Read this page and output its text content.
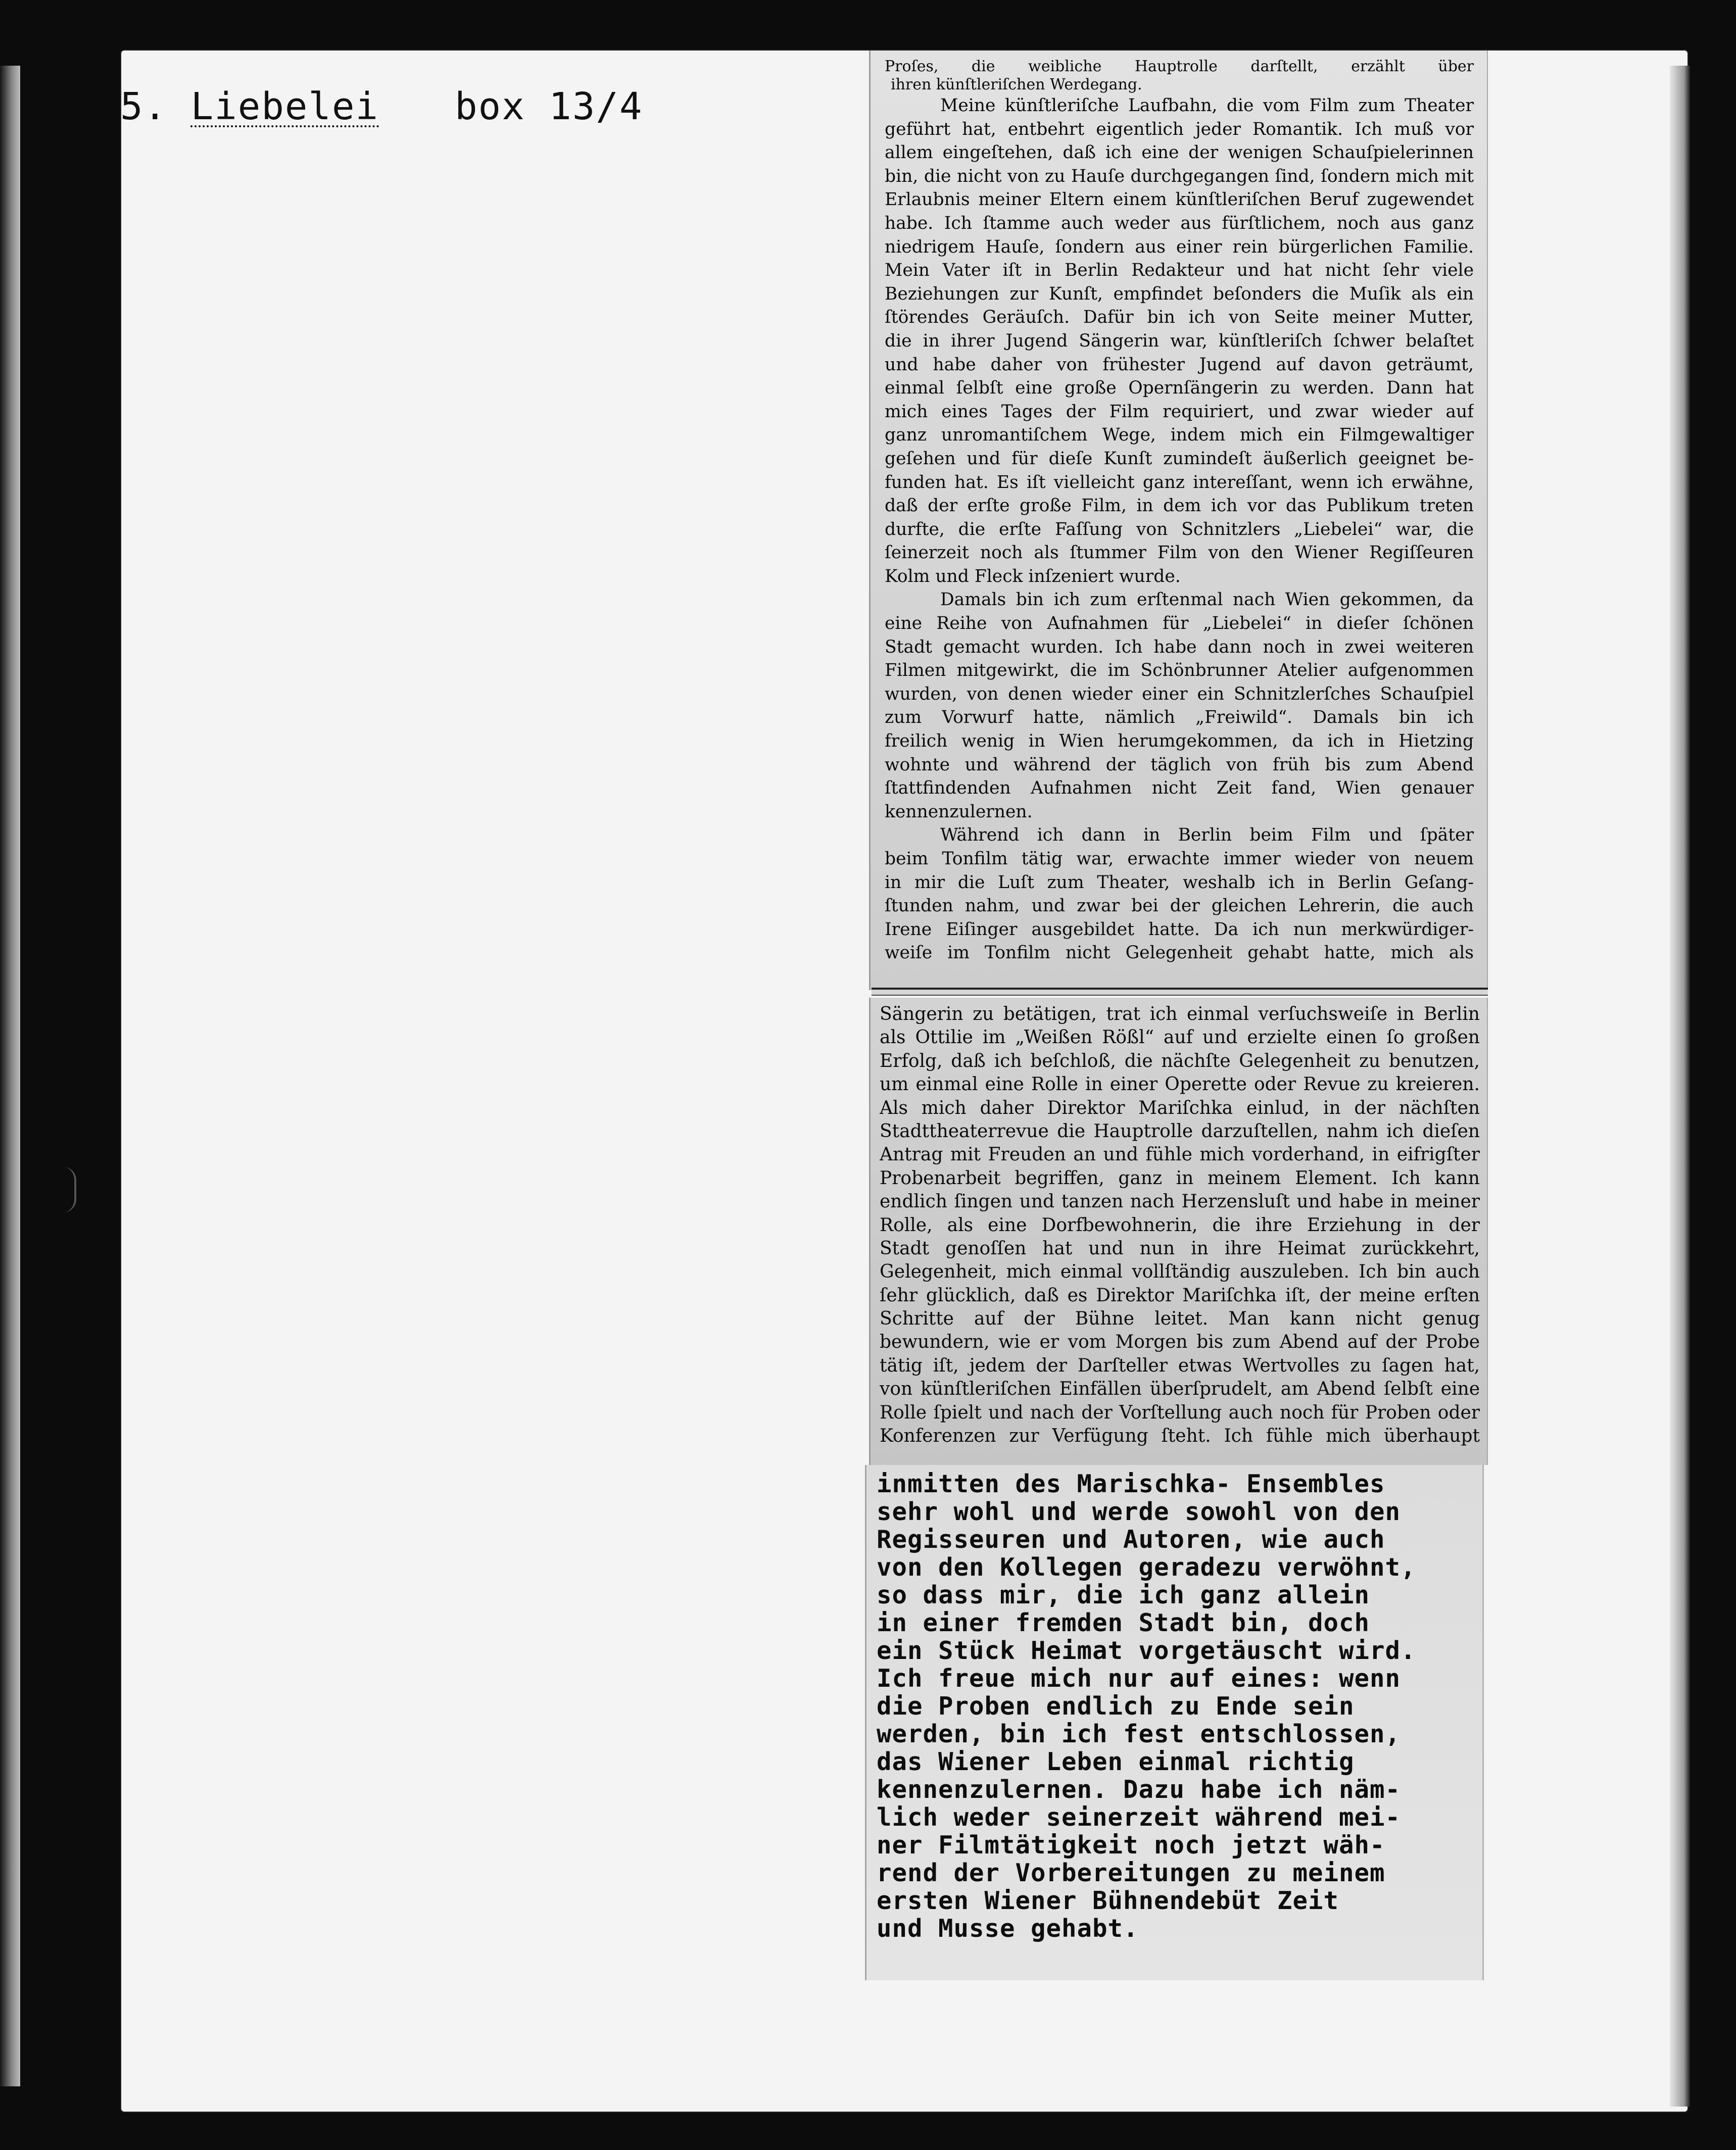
5. Liebelei box 13/4
Proſes, die weibliche Hauptrolle darſtellt, erzählt über
ihren künſtleriſchen Werdegang.
Meine künſtleriſche Laufbahn, die vom Film zum Theater
geführt hat, entbehrt eigentlich jeder Romantik. Ich muß vor
allem eingeſtehen, daß ich eine der wenigen Schauſpielerinnen
bin, die nicht von zu Hauſe durchgegangen ſind, ſondern mich mit
Erlaubnis meiner Eltern einem künſtleriſchen Beruf zugewendet
habe. Ich ſtamme auch weder aus fürſtlichem, noch aus ganz
niedrigem Hauſe, ſondern aus einer rein bürgerlichen Familie.
Mein Vater iſt in Berlin Redakteur und hat nicht ſehr viele
Beziehungen zur Kunſt, empfindet beſonders die Muſik als ein
ſtörendes Geräuſch. Dafür bin ich von Seite meiner Mutter,
die in ihrer Jugend Sängerin war, künſtleriſch ſchwer belaſtet
und habe daher von frühester Jugend auf davon geträumt,
einmal ſelbſt eine große Opernſängerin zu werden. Dann hat
mich eines Tages der Film requiriert, und zwar wieder auf
ganz unromantiſchem Wege, indem mich ein Filmgewaltiger
geſehen und für dieſe Kunſt zumindeſt äußerlich geeignet be-
funden hat. Es iſt vielleicht ganz intereſſant, wenn ich erwähne,
daß der erſte große Film, in dem ich vor das Publikum treten
durfte, die erſte Faſſung von Schnitzlers „Liebelei“ war, die
ſeinerzeit noch als ſtummer Film von den Wiener Regiſſeuren
Kolm und Fleck inſzeniert wurde.
Damals bin ich zum erſtenmal nach Wien gekommen, da
eine Reihe von Aufnahmen für „Liebelei“ in dieſer ſchönen
Stadt gemacht wurden. Ich habe dann noch in zwei weiteren
Filmen mitgewirkt, die im Schönbrunner Atelier aufgenommen
wurden, von denen wieder einer ein Schnitzlerſches Schauſpiel
zum Vorwurf hatte, nämlich „Freiwild“. Damals bin ich
freilich wenig in Wien herumgekommen, da ich in Hietzing
wohnte und während der täglich von früh bis zum Abend
ſtattfindenden Aufnahmen nicht Zeit fand, Wien genauer
kennenzulernen.
Während ich dann in Berlin beim Film und ſpäter
beim Tonfilm tätig war, erwachte immer wieder von neuem
in mir die Luſt zum Theater, weshalb ich in Berlin Geſang-
ſtunden nahm, und zwar bei der gleichen Lehrerin, die auch
Irene Eiſinger ausgebildet hatte. Da ich nun merkwürdiger-
weiſe im Tonfilm nicht Gelegenheit gehabt hatte, mich als
Sängerin zu betätigen, trat ich einmal verſuchsweiſe in Berlin
als Ottilie im „Weißen Rößl“ auf und erzielte einen ſo großen
Erfolg, daß ich beſchloß, die nächſte Gelegenheit zu benutzen,
um einmal eine Rolle in einer Operette oder Revue zu kreieren.
Als mich daher Direktor Mariſchka einlud, in der nächſten
Stadttheaterrevue die Hauptrolle darzuſtellen, nahm ich dieſen
Antrag mit Freuden an und fühle mich vorderhand, in eifrigſter
Probenarbeit begriffen, ganz in meinem Element. Ich kann
endlich ſingen und tanzen nach Herzensluſt und habe in meiner
Rolle, als eine Dorfbewohnerin, die ihre Erziehung in der
Stadt genoſſen hat und nun in ihre Heimat zurückkehrt,
Gelegenheit, mich einmal vollſtändig auszuleben. Ich bin auch
ſehr glücklich, daß es Direktor Mariſchka iſt, der meine erſten
Schritte auf der Bühne leitet. Man kann nicht genug
bewundern, wie er vom Morgen bis zum Abend auf der Probe
tätig iſt, jedem der Darſteller etwas Wertvolles zu ſagen hat,
von künſtleriſchen Einfällen überſprudelt, am Abend ſelbſt eine
Rolle ſpielt und nach der Vorſtellung auch noch für Proben oder
Konferenzen zur Verfügung ſteht. Ich fühle mich überhaupt
inmitten des Marischka- Ensembles
sehr wohl und werde sowohl von den
Regisseuren und Autoren, wie auch
von den Kollegen geradezu verwöhnt,
so dass mir, die ich ganz allein
in einer fremden Stadt bin, doch
ein Stück Heimat vorgetäuscht wird.
Ich freue mich nur auf eines: wenn
die Proben endlich zu Ende sein
werden, bin ich fest entschlossen,
das Wiener Leben einmal richtig
kennenzulernen. Dazu habe ich näm-
lich weder seinerzeit während mei-
ner Filmtätigkeit noch jetzt wäh-
rend der Vorbereitungen zu meinem
ersten Wiener Bühnendebüt Zeit
und Musse gehabt.
